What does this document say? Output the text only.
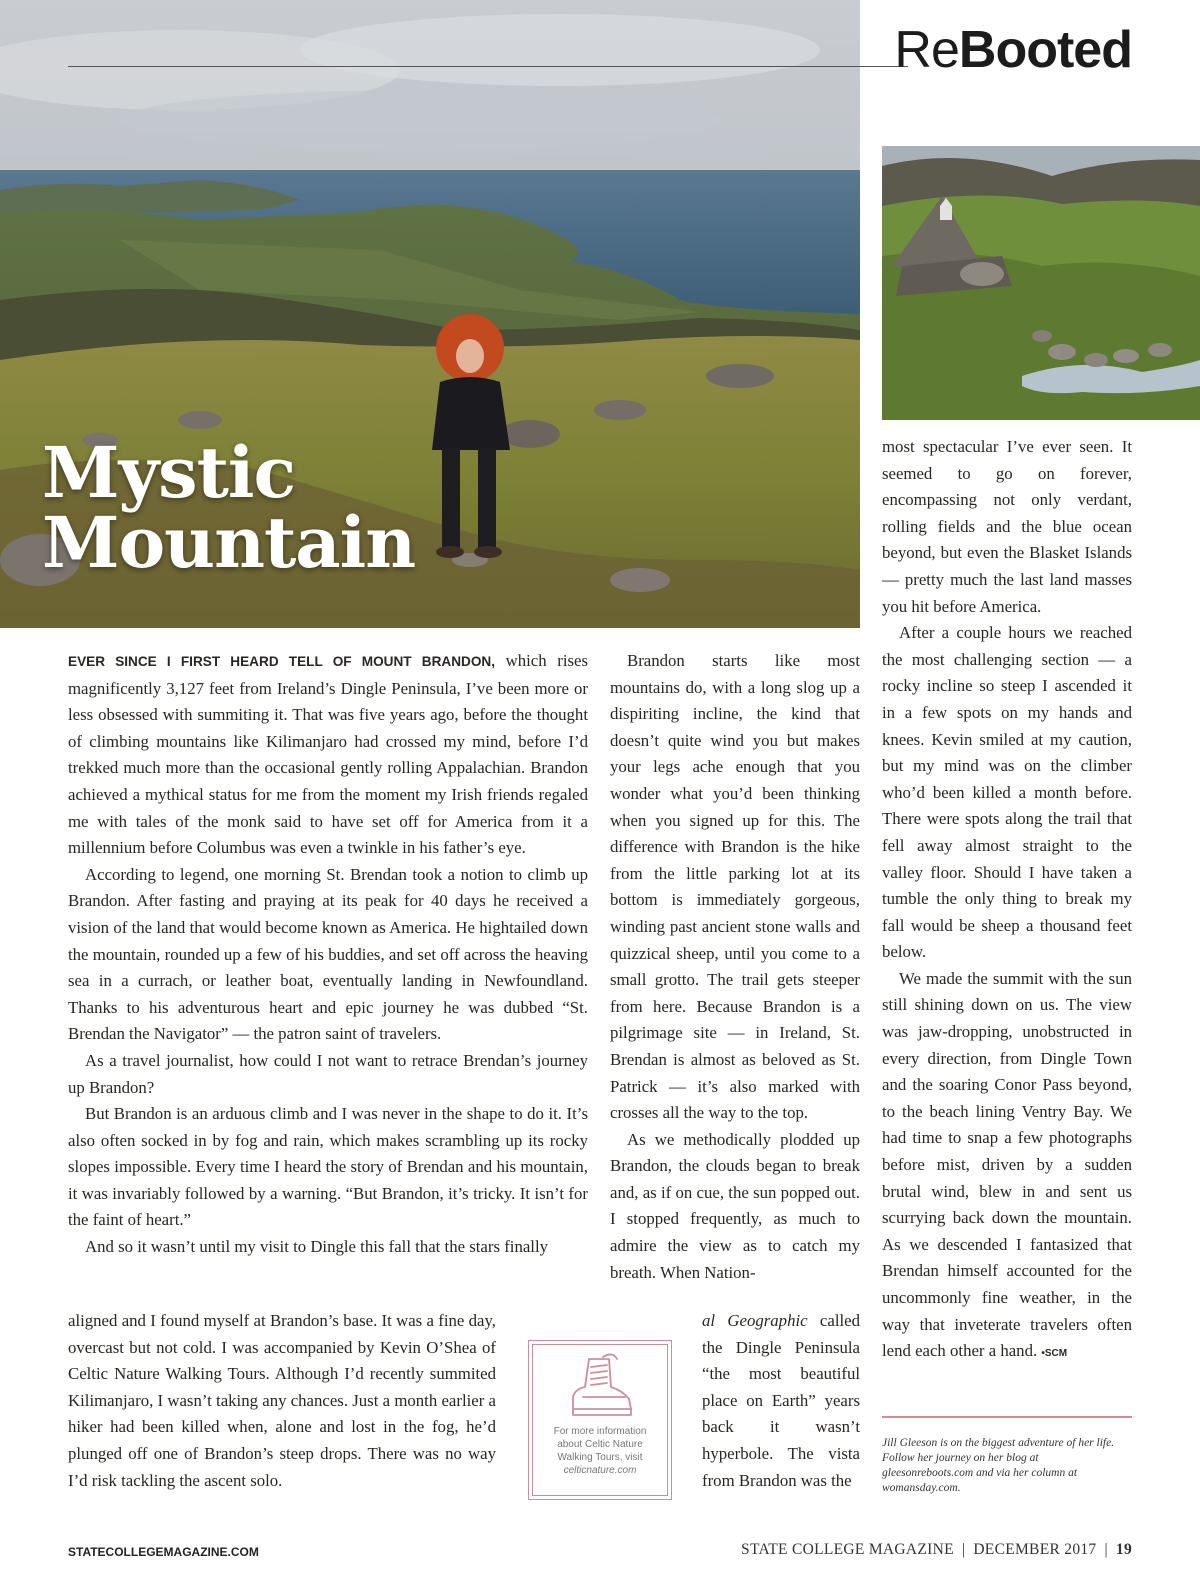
ReBooted
Mystic
Mountain

EVER SINCE I FIRST HEARD TELL OF MOUNT BRANDON, which rises magnificently 3,127 feet from Ireland’s Dingle Peninsula, I’ve been more or less obsessed with summiting it. That was five years ago, before the thought of climbing mountains like Kilimanjaro had crossed my mind, before I’d trekked much more than the occasional gently rolling Appalachian. Brandon achieved a mythical status for me from the moment my Irish friends regaled me with tales of the monk said to have set off for America from it a millennium before Columbus was even a twinkle in his father’s eye.

According to legend, one morning St. Brendan took a notion to climb up Brandon. After fasting and praying at its peak for 40 days he received a vision of the land that would become known as America. He hightailed down the mountain, rounded up a few of his buddies, and set off across the heaving sea in a currach, or leather boat, eventually landing in Newfoundland. Thanks to his adventurous heart and epic journey he was dubbed “St. Brendan the Navigator” — the patron saint of travelers.

As a travel journalist, how could I not want to retrace Brendan’s journey up Brandon?

But Brandon is an arduous climb and I was never in the shape to do it. It’s also often socked in by fog and rain, which makes scrambling up its rocky slopes impossible. Every time I heard the story of Brendan and his mountain, it was invariably followed by a warning. “But Brandon, it’s tricky. It isn’t for the faint of heart.”

And so it wasn’t until my visit to Dingle this fall that the stars finally

aligned and I found myself at Brandon’s base. It was a fine day, overcast but not cold. I was accompanied by Kevin O’Shea of Celtic Nature Walking Tours. Although I’d recently summited Kilimanjaro, I wasn’t taking any chances. Just a month earlier a hiker had been killed when, alone and lost in the fog, he’d plunged off one of Brandon’s steep drops. There was no way I’d risk tackling the ascent solo.

Brandon starts like most mountains do, with a long slog up a dispiriting incline, the kind that doesn’t quite wind you but makes your legs ache enough that you wonder what you’d been thinking when you signed up for this. The difference with Brandon is the hike from the little parking lot at its bottom is immediately gorgeous, winding past ancient stone walls and quizzical sheep, until you come to a small grotto. The trail gets steeper from here. Because Brandon is a pilgrimage site — in Ireland, St. Brendan is almost as beloved as St. Patrick — it’s also marked with crosses all the way to the top.

As we methodically plodded up Brandon, the clouds began to break and, as if on cue, the sun popped out. I stopped frequently, as much to admire the view as to catch my breath. When Nation-

al Geographic called the Dingle Peninsula “the most beautiful place on Earth” years back it wasn’t hyperbole. The vista from Brandon was the

For more information about Celtic Nature Walking Tours, visit
celticnature.com

most spectacular I’ve ever seen. It seemed to go on forever, encompassing not only verdant, rolling fields and the blue ocean beyond, but even the Blasket Islands — pretty much the last land masses you hit before America.

After a couple hours we reached the most challenging section — a rocky incline so steep I ascended it in a few spots on my hands and knees. Kevin smiled at my caution, but my mind was on the climber who’d been killed a month before. There were spots along the trail that fell away almost straight to the valley floor. Should I have taken a tumble the only thing to break my fall would be sheep a thousand feet below.

We made the summit with the sun still shining down on us. The view was jaw-dropping, unobstructed in every direction, from Dingle Town and the soaring Conor Pass beyond, to the beach lining Ventry Bay. We had time to snap a few photographs before mist, driven by a sudden brutal wind, blew in and sent us scurrying back down the mountain. As we descended I fantasized that Brendan himself accounted for the uncommonly fine weather, in the way that inveterate travelers often lend each other a hand. •SCM

Jill Gleeson is on the biggest adventure of her life. Follow her journey on her blog at gleesonreboots.com and via her column at womansday.com.

STATECOLLEGEMAGAZINE.COM	STATE COLLEGE MAGAZINE | DECEMBER 2017 | 19
